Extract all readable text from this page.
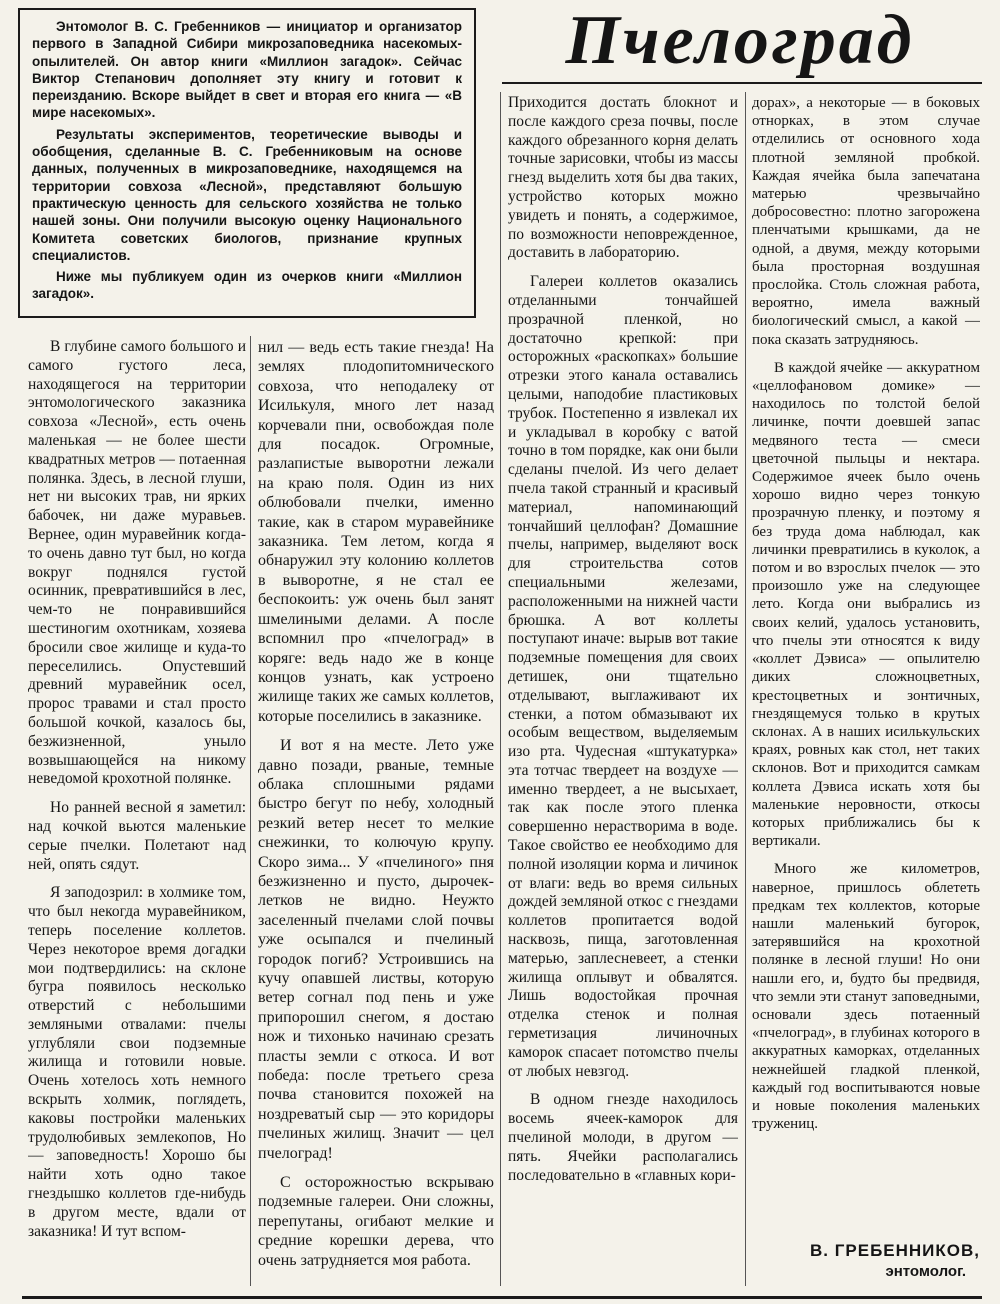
Энтомолог В. С. Гребенников — инициатор и организатор первого в Западной Сибири микрозаповедника насекомых-опылителей. Он автор книги «Миллион загадок». Сейчас Виктор Степанович дополняет эту книгу и готовит к переизданию. Вскоре выйдет в свет и вторая его книга — «В мире насекомых».

Результаты экспериментов, теоретические выводы и обобщения, сделанные В. С. Гребенниковым на основе данных, полученных в микрозаповеднике, находящемся на территории совхоза «Лесной», представляют большую практическую ценность для сельского хозяйства не только нашей зоны. Они получили высокую оценку Национального Комитета советских биологов, признание крупных специалистов.

Ниже мы публикуем один из очерков книги «Миллион загадок».

Пчелоград

В глубине самого большого и самого густого леса, находящегося на территории энтомологического заказника совхоза «Лесной», есть очень маленькая — не более шести квадратных метров — потаенная полянка. Здесь, в лесной глуши, нет ни высоких трав, ни ярких бабочек, ни даже муравьев. Вернее, один муравейник когда-то очень давно тут был, но когда вокруг поднялся густой осинник, превратившийся в лес, чем-то не понравившийся шестиногим охотникам, хозяева бросили свое жилище и куда-то переселились. Опустевший древний муравейник осел, пророс травами и стал просто большой кочкой, казалось бы, безжизненной, уныло возвышающейся на никому неведомой крохотной полянке.

Но ранней весной я заметил: над кочкой вьются маленькие серые пчелки. Полетают над ней, опять сядут.

Я заподозрил: в холмике том, что был некогда муравейником, теперь поселение коллетов. Через некоторое время догадки мои подтвердились: на склоне бугра появилось несколько отверстий с небольшими земляными отвалами: пчелы углубляли свои подземные жилища и готовили новые. Очень хотелось хоть немного вскрыть холмик, поглядеть, каковы постройки маленьких трудолюбивых землекопов, Но — заповедность! Хорошо бы найти хоть одно такое гнездышко коллетов где-нибудь в другом месте, вдали от заказника! И тут вспом-

нил — ведь есть такие гнезда! На землях плодопитомнического совхоза, что неподалеку от Исилькуля, много лет назад корчевали пни, освобождая поле для посадок. Огромные, разлапистые выворотни лежали на краю поля. Один из них облюбовали пчелки, именно такие, как в старом муравейнике заказника. Тем летом, когда я обнаружил эту колонию коллетов в выворотне, я не стал ее беспокоить: уж очень был занят шмелиными делами. А после вспомнил про «пчелоград» в коряге: ведь надо же в конце концов узнать, как устроено жилище таких же самых коллетов, которые поселились в заказнике.

И вот я на месте. Лето уже давно позади, рваные, темные облака сплошными рядами быстро бегут по небу, холодный резкий ветер несет то мелкие снежинки, то колючую крупу. Скоро зима... У «пчелиного» пня безжизненно и пусто, дырочек-летков не видно. Неужто заселенный пчелами слой почвы уже осыпался и пчелиный городок погиб? Устроившись на кучу опавшей листвы, которую ветер согнал под пень и уже припорошил снегом, я достаю нож и тихонько начинаю срезать пласты земли с откоса. И вот победа: после третьего среза почва становится похожей на ноздреватый сыр — это коридоры пчелиных жилищ. Значит — цел пчелоград!

С осторожностью вскрываю подземные галереи. Они сложны, перепутаны, огибают мелкие и средние корешки дерева, что очень затрудняется моя работа.

Приходится достать блокнот и после каждого среза почвы, после каждого обрезанного корня делать точные зарисовки, чтобы из массы гнезд выделить хотя бы два таких, устройство которых можно увидеть и понять, а содержимое, по возможности неповрежденное, доставить в лабораторию.

Галереи коллетов оказались отделанными тончайшей прозрачной пленкой, но достаточно крепкой: при осторожных «раскопках» большие отрезки этого канала оставались целыми, наподобие пластиковых трубок. Постепенно я извлекал их и укладывал в коробку с ватой точно в том порядке, как они были сделаны пчелой. Из чего делает пчела такой странный и красивый материал, напоминающий тончайший целлофан? Домашние пчелы, например, выделяют воск для строительства сотов специальными железами, расположенными на нижней части брюшка. А вот коллеты поступают иначе: вырыв вот такие подземные помещения для своих детишек, они тщательно отделывают, выглаживают их стенки, а потом обмазывают их особым веществом, выделяемым изо рта. Чудесная «штукатурка» эта тотчас твердеет на воздухе — именно твердеет, а не высыхает, так как после этого пленка совершенно нерастворима в воде. Такое свойство ее необходимо для полной изоляции корма и личинок от влаги: ведь во время сильных дождей земляной откос с гнездами коллетов пропитается водой насквозь, пища, заготовленная матерью, заплесневеет, а стенки жилища оплывут и обвалятся. Лишь водостойкая прочная отделка стенок и полная герметизация личиночных каморок спасает потомство пчелы от любых невзгод.

В одном гнезде находилось восемь ячеек-каморок для пчелиной молоди, в другом — пять. Ячейки располагались последовательно в «главных кори-

дорах», а некоторые — в боковых отнорках, в этом случае отделились от основного хода плотной земляной пробкой. Каждая ячейка была запечатана матерью чрезвычайно добросовестно: плотно загорожена пленчатыми крышками, да не одной, а двумя, между которыми была просторная воздушная прослойка. Столь сложная работа, вероятно, имела важный биологический смысл, а какой — пока сказать затрудняюсь.

В каждой ячейке — аккуратном «целлофановом домике» — находилось по толстой белой личинке, почти доевшей запас медвяного теста — смеси цветочной пыльцы и нектара. Содержимое ячеек было очень хорошо видно через тонкую прозрачную пленку, и поэтому я без труда дома наблюдал, как личинки превратились в куколок, а потом и во взрослых пчелок — это произошло уже на следующее лето. Когда они выбрались из своих келий, удалось установить, что пчелы эти относятся к виду «коллет Дэвиса» — опылителю диких сложноцветных, крестоцветных и зонтичных, гнездящемуся только в крутых склонах. А в наших исилькульских краях, ровных как стол, нет таких склонов. Вот и приходится самкам коллета Дэвиса искать хотя бы маленькие неровности, откосы которых приближались бы к вертикали.

Много же километров, наверное, пришлось облететь предкам тех коллектов, которые нашли маленький бугорок, затерявшийся на крохотной полянке в лесной глуши! Но они нашли его, и, будто бы предвидя, что земли эти станут заповедными, основали здесь потаенный «пчелоград», в глубинах которого в аккуратных каморках, отделанных нежнейшей гладкой пленкой, каждый год воспитываются новые и новые поколения маленьких тружениц.

В. ГРЕБЕННИКОВ,
энтомолог.
